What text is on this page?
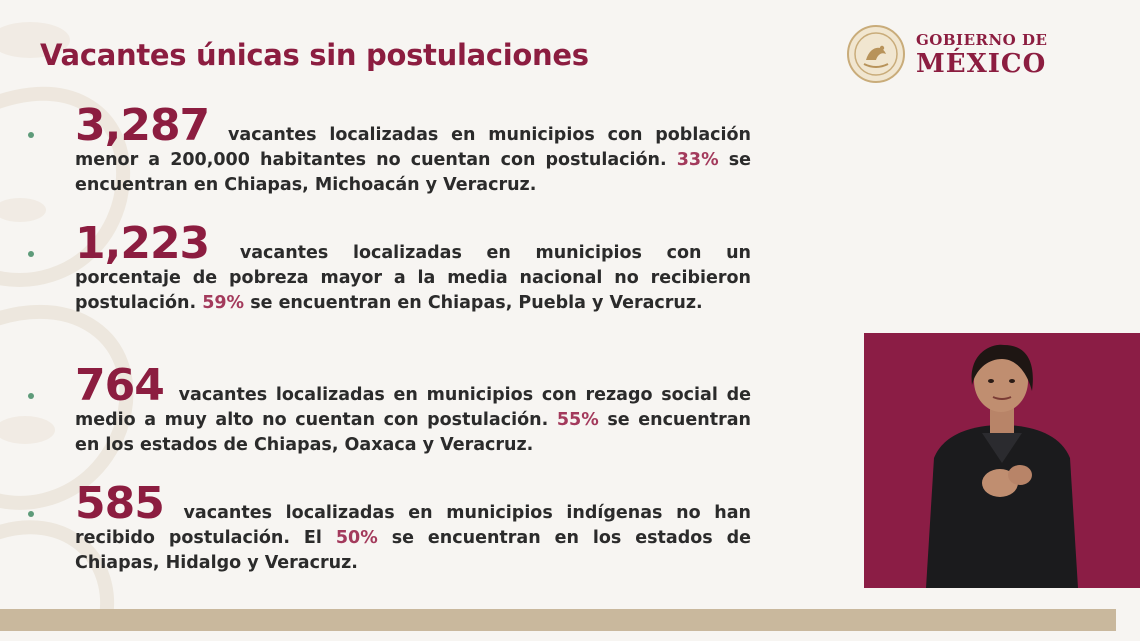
Vacantes únicas sin postulaciones	GOBIERNO DE
MÉXICO
3,287 vacantes localizadas en municipios con población menor a 200,000 habitantes no cuentan con postulación. 33% se encuentran en Chiapas, Michoacán y Veracruz.
1,223 vacantes localizadas en municipios con un porcentaje de pobreza mayor a la media nacional no recibieron postulación. 59% se encuentran en Chiapas, Puebla y Veracruz.
764 vacantes localizadas en municipios con rezago social de medio a muy alto no cuentan con postulación. 55% se encuentran en los estados de Chiapas, Oaxaca y Veracruz.
585 vacantes localizadas en municipios indígenas no han recibido postulación. El 50% se encuentran en los estados de Chiapas, Hidalgo y Veracruz.
